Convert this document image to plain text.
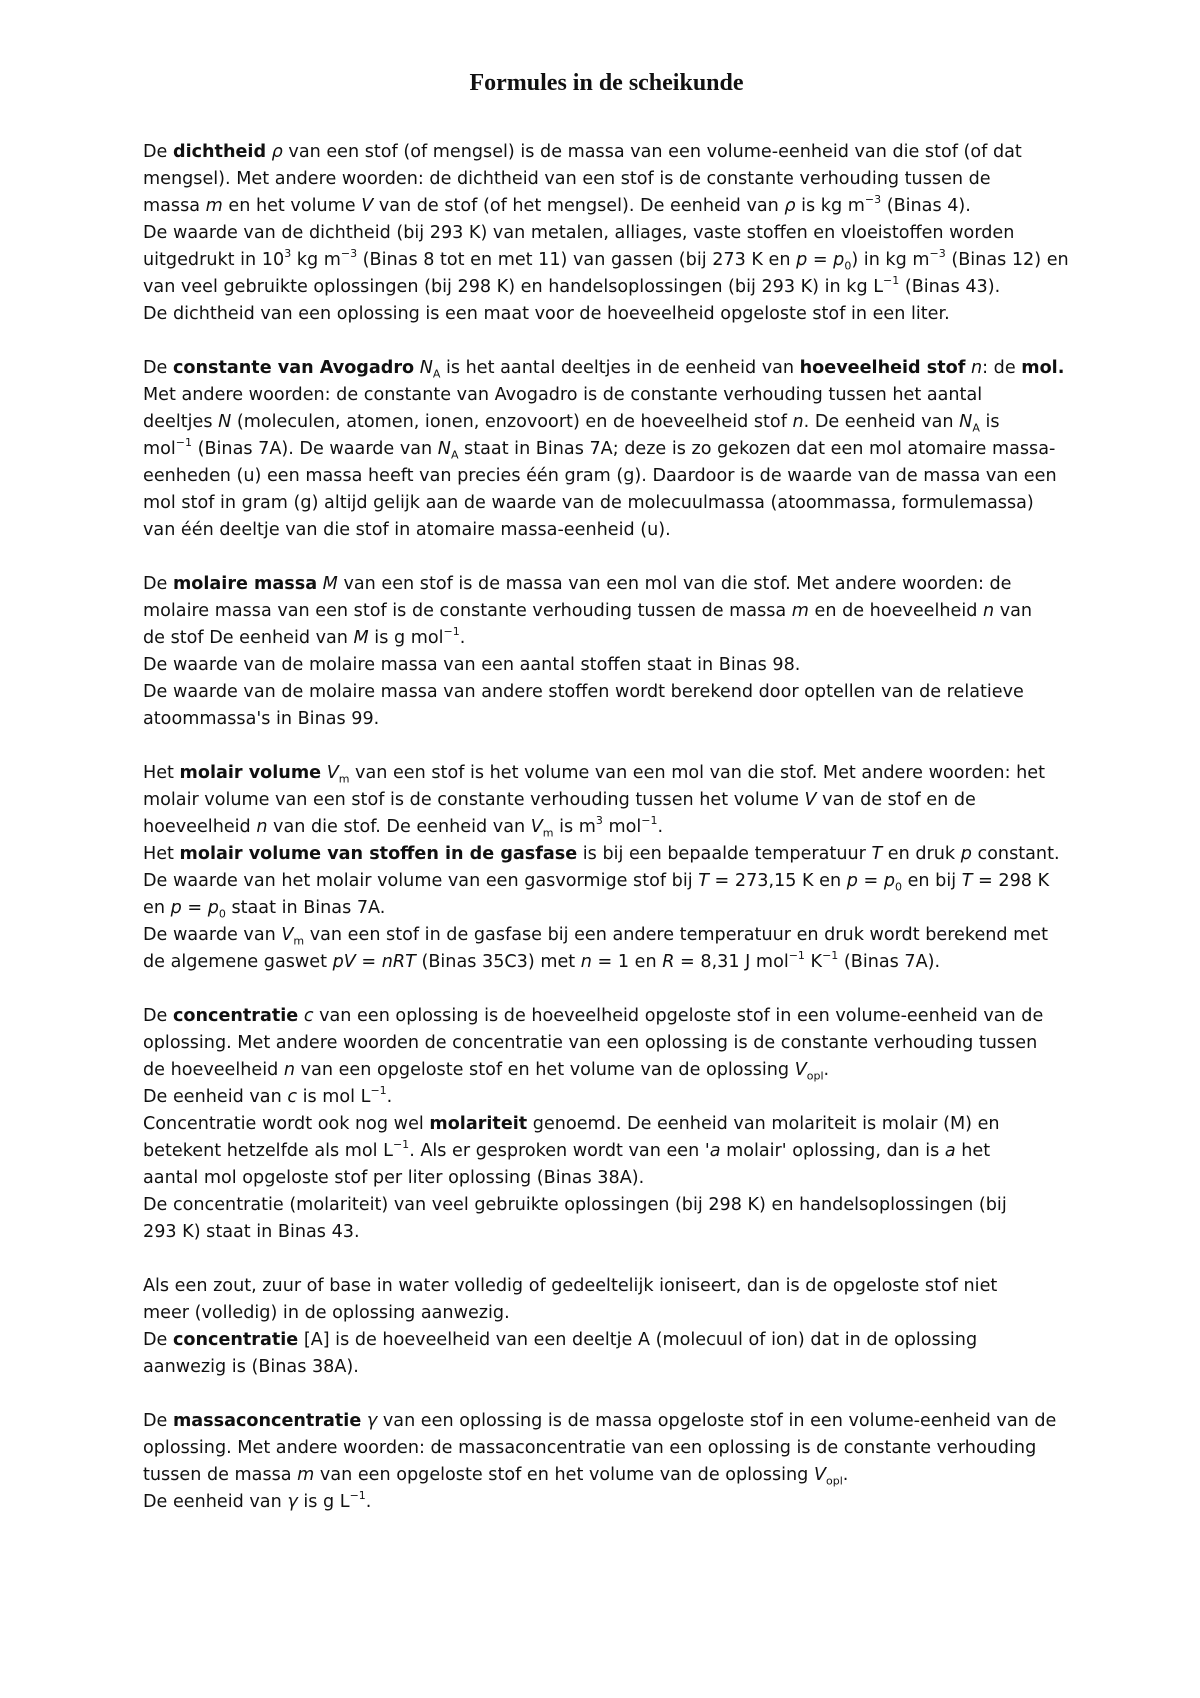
Formules in de scheikunde
De dichtheid ρ van een stof (of mengsel) is de massa van een volume-eenheid van die stof (of dat
mengsel). Met andere woorden: de dichtheid van een stof is de constante verhouding tussen de
massa m en het volume V van de stof (of het mengsel). De eenheid van ρ is kg $m^{-3}$ (Binas 4).
De waarde van de dichtheid (bij 293 K) van metalen, alliages, vaste stoffen en vloeistoffen worden
uitgedrukt in $10^3$ kg $m^{-3}$ (Binas 8 tot en met 11) van gassen (bij 273 K en $p = p_0$) in kg $m^{-3}$ (Binas 12) en
van veel gebruikte oplossingen (bij 298 K) en handelsoplossingen (bij 293 K) in kg $L^{-1}$ (Binas 43).
De dichtheid van een oplossing is een maat voor de hoeveelheid opgeloste stof in een liter.
De constante van Avogadro $N_A$ is het aantal deeltjes in de eenheid van hoeveelheid stof n: de mol.
Met andere woorden: de constante van Avogadro is de constante verhouding tussen het aantal
deeltjes N (moleculen, atomen, ionen, enzovoort) en de hoeveelheid stof n. De eenheid van $N_A$ is
mol$^{-1}$ (Binas 7A). De waarde van $N_A$ staat in Binas 7A; deze is zo gekozen dat een mol atomaire massa-
eenheden (u) een massa heeft van precies één gram (g). Daardoor is de waarde van de massa van een
mol stof in gram (g) altijd gelijk aan de waarde van de molecuulmassa (atoommassa, formulemassa)
van één deeltje van die stof in atomaire massa-eenheid (u).
De molaire massa M van een stof is de massa van een mol van die stof. Met andere woorden: de
molaire massa van een stof is de constante verhouding tussen de massa m en de hoeveelheid n van
de stof De eenheid van M is g mol$^{-1}$.
De waarde van de molaire massa van een aantal stoffen staat in Binas 98.
De waarde van de molaire massa van andere stoffen wordt berekend door optellen van de relatieve
atoommassa's in Binas 99.
Het molair volume $V_m$ van een stof is het volume van een mol van die stof. Met andere woorden: het
molair volume van een stof is de constante verhouding tussen het volume V van de stof en de
hoeveelheid n van die stof. De eenheid van $V_m$ is $m^3$ mol$^{-1}$.
Het molair volume van stoffen in de gasfase is bij een bepaalde temperatuur T en druk p constant.
De waarde van het molair volume van een gasvormige stof bij T = 273,15 K en $p = p_0$ en bij T = 298 K
en $p = p_0$ staat in Binas 7A.
De waarde van $V_m$ van een stof in de gasfase bij een andere temperatuur en druk wordt berekend met
de algemene gaswet pV = nRT (Binas 35C3) met n = 1 en R = 8,31 J mol$^{-1}$ $K^{-1}$ (Binas 7A).
De concentratie c van een oplossing is de hoeveelheid opgeloste stof in een volume-eenheid van de
oplossing. Met andere woorden de concentratie van een oplossing is de constante verhouding tussen
de hoeveelheid n van een opgeloste stof en het volume van de oplossing $V_{opl}$.
De eenheid van c is mol $L^{-1}$.
Concentratie wordt ook nog wel molariteit genoemd. De eenheid van molariteit is molair (M) en
betekent hetzelfde als mol $L^{-1}$. Als er gesproken wordt van een 'a molair' oplossing, dan is a het
aantal mol opgeloste stof per liter oplossing (Binas 38A).
De concentratie (molariteit) van veel gebruikte oplossingen (bij 298 K) en handelsoplossingen (bij
293 K) staat in Binas 43.
Als een zout, zuur of base in water volledig of gedeeltelijk ioniseert, dan is de opgeloste stof niet
meer (volledig) in de oplossing aanwezig.
De concentratie [A] is de hoeveelheid van een deeltje A (molecuul of ion) dat in de oplossing
aanwezig is (Binas 38A).
De massaconcentratie γ van een oplossing is de massa opgeloste stof in een volume-eenheid van de
oplossing. Met andere woorden: de massaconcentratie van een oplossing is de constante verhouding
tussen de massa m van een opgeloste stof en het volume van de oplossing $V_{opl}$.
De eenheid van γ is g $L^{-1}$.
